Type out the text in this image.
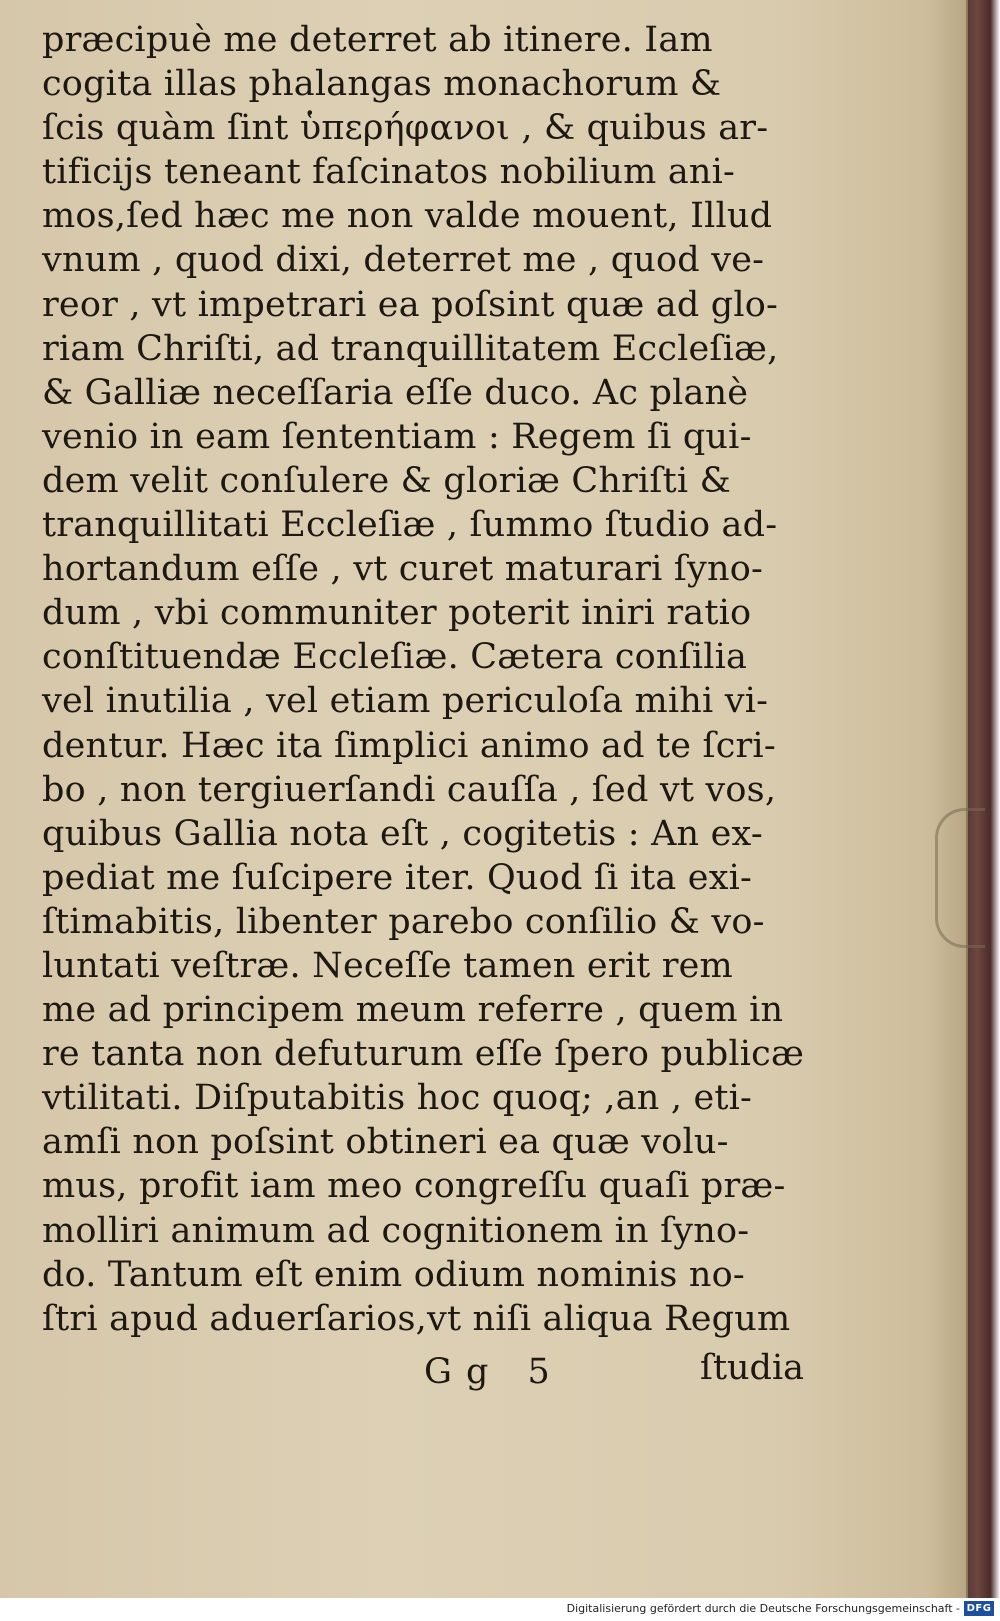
præcipuè me deterret ab itinere. Iam
cogita illas phalangas monachorum &
ſcis quàm ſint ὑπερήφανοι , & quibus ar-
tificijs teneant faſcinatos nobilium ani-
mos,ſed hæc me non valde mouent, Illud
vnum , quod dixi, deterret me , quod ve-
reor , vt impetrari ea poſsint quæ ad glo-
riam Chriſti, ad tranquillitatem Eccleſiæ,
& Galliæ neceſſaria eſſe duco. Ac planè
venio in eam ſententiam : Regem ſi qui-
dem velit conſulere & gloriæ Chriſti &
tranquillitati Eccleſiæ , ſummo ſtudio ad-
hortandum eſſe , vt curet maturari ſyno-
dum , vbi communiter poterit iniri ratio
conſtituendæ Eccleſiæ. Cætera conſilia
vel inutilia , vel etiam periculoſa mihi vi-
dentur. Hæc ita ſimplici animo ad te ſcri-
bo , non tergiuerſandi cauſſa , ſed vt vos,
quibus Gallia nota eſt , cogitetis : An ex-
pediat me ſuſcipere iter. Quod ſi ita exi-
ſtimabitis, libenter parebo conſilio & vo-
luntati veſtræ. Neceſſe tamen erit rem
me ad principem meum referre , quem in
re tanta non defuturum eſſe ſpero publicæ
vtilitati. Diſputabitis hoc quoq; ,an , eti-
amſi non poſsint obtineri ea quæ volu-
mus, profit iam meo congreſſu quaſi præ-
molliri animum ad cognitionem in ſyno-
do. Tantum eſt enim odium nominis no-
ſtri apud aduerſarios,vt niſi aliqua Regum
Gg 5	ſtudia
Digitalisierung gefördert durch die Deutsche Forschungsgemeinschaft - DFG
